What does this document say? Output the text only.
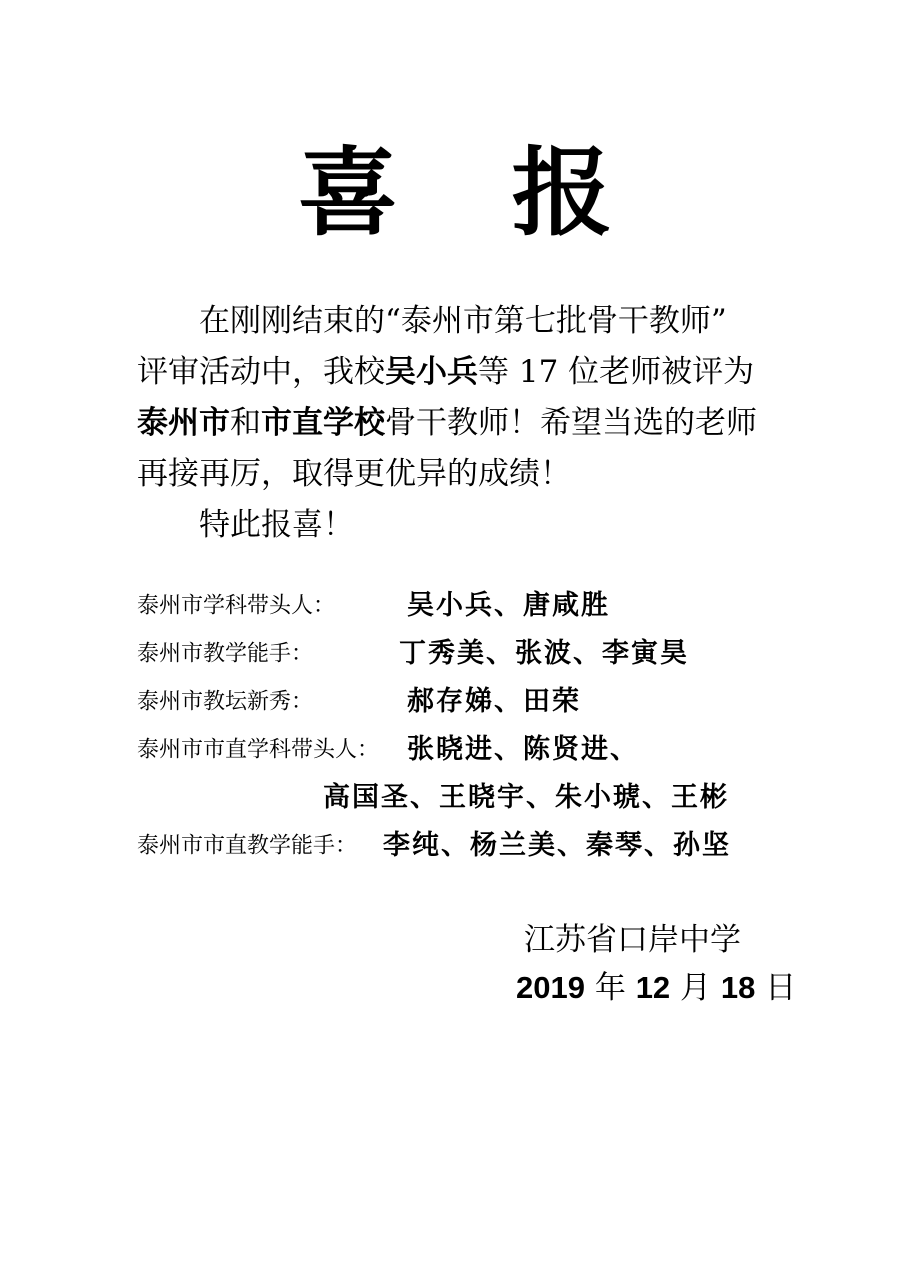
喜 报
在刚刚结束的“泰州市第七批骨干教师”
评审活动中，我校吴小兵等 17 位老师被评为
泰州市和市直学校骨干教师！希望当选的老师
再接再厉，取得更优异的成绩！
特此报喜！
泰州市学科带头人：	吴小兵、唐咸胜
泰州市教学能手：	丁秀美、张波、李寅昊
泰州市教坛新秀：	郝存娣、田荣
泰州市市直学科带头人： 张晓进、陈贤进、
高国圣、王晓宇、朱小琥、王彬
泰州市市直教学能手： 李纯、杨兰美、秦琴、孙坚
江苏省口岸中学
2019 年 12 月 18 日
